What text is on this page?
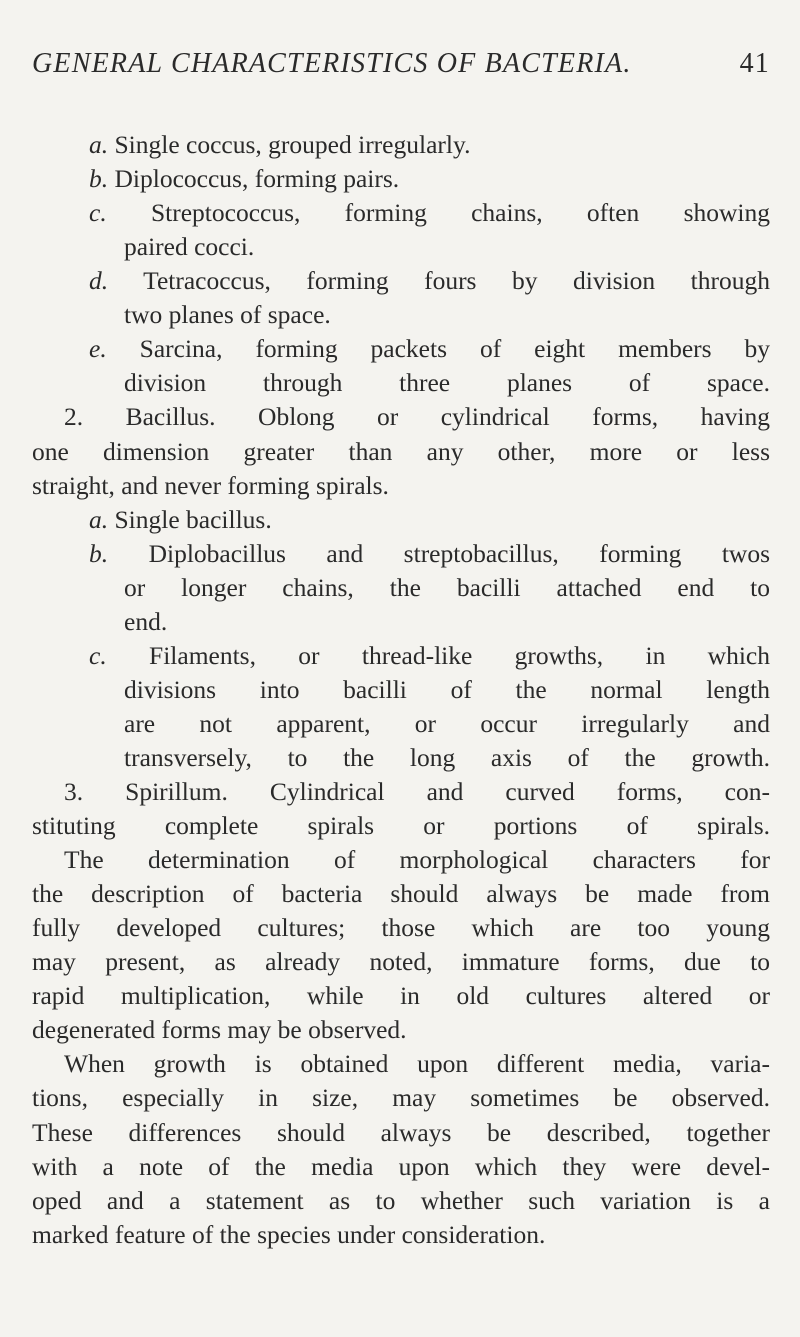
GENERAL CHARACTERISTICS OF BACTERIA.	41
a. Single coccus, grouped irregularly.
b. Diplococcus, forming pairs.
c. Streptococcus, forming chains, often showing
paired cocci.
d. Tetracoccus, forming fours by division through
two planes of space.
e. Sarcina, forming packets of eight members by
division through three planes of space.
2. Bacillus. Oblong or cylindrical forms, having
one dimension greater than any other, more or less
straight, and never forming spirals.
a. Single bacillus.
b. Diplobacillus and streptobacillus, forming twos
or longer chains, the bacilli attached end to
end.
c. Filaments, or thread-like growths, in which
divisions into bacilli of the normal length
are not apparent, or occur irregularly and
transversely, to the long axis of the growth.
3. Spirillum. Cylindrical and curved forms, con-
stituting complete spirals or portions of spirals.
The determination of morphological characters for
the description of bacteria should always be made from
fully developed cultures; those which are too young
may present, as already noted, immature forms, due to
rapid multiplication, while in old cultures altered or
degenerated forms may be observed.
When growth is obtained upon different media, varia-
tions, especially in size, may sometimes be observed.
These differences should always be described, together
with a note of the media upon which they were devel-
oped and a statement as to whether such variation is a
marked feature of the species under consideration.
